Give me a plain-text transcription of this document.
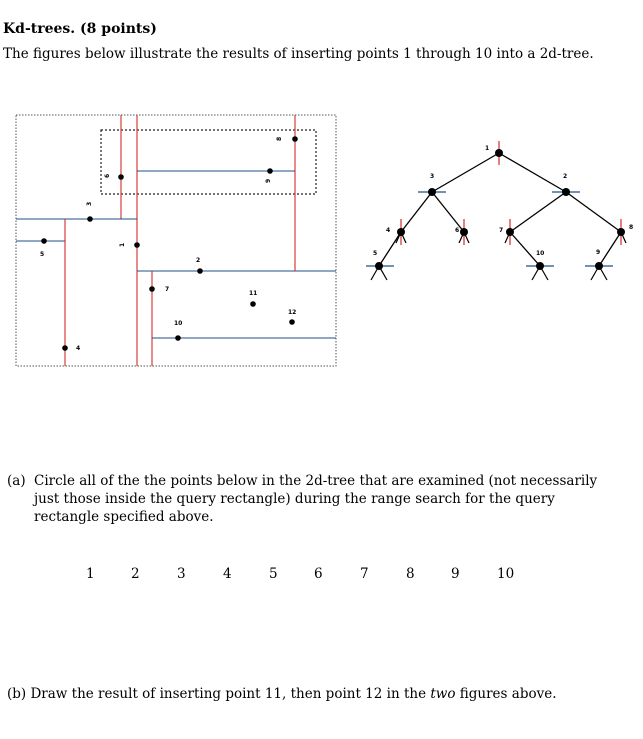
Kd-trees. (8 points)
The figures below illustrate the results of inserting points 1 through 10 into a 2d-tree.
1
2
3
4
5
6
7
8
9
10
11
12
1
3	2
4	6	7	8
5	10	9
(a) Circle all of the the points below in the 2d-tree that are examined (not necessarily just those inside the query rectangle) during the range search for the query rectangle specified above.
1	2	3	4	5	6	7	8	9	10
(b) Draw the result of inserting point 11, then point 12 in the two figures above.
